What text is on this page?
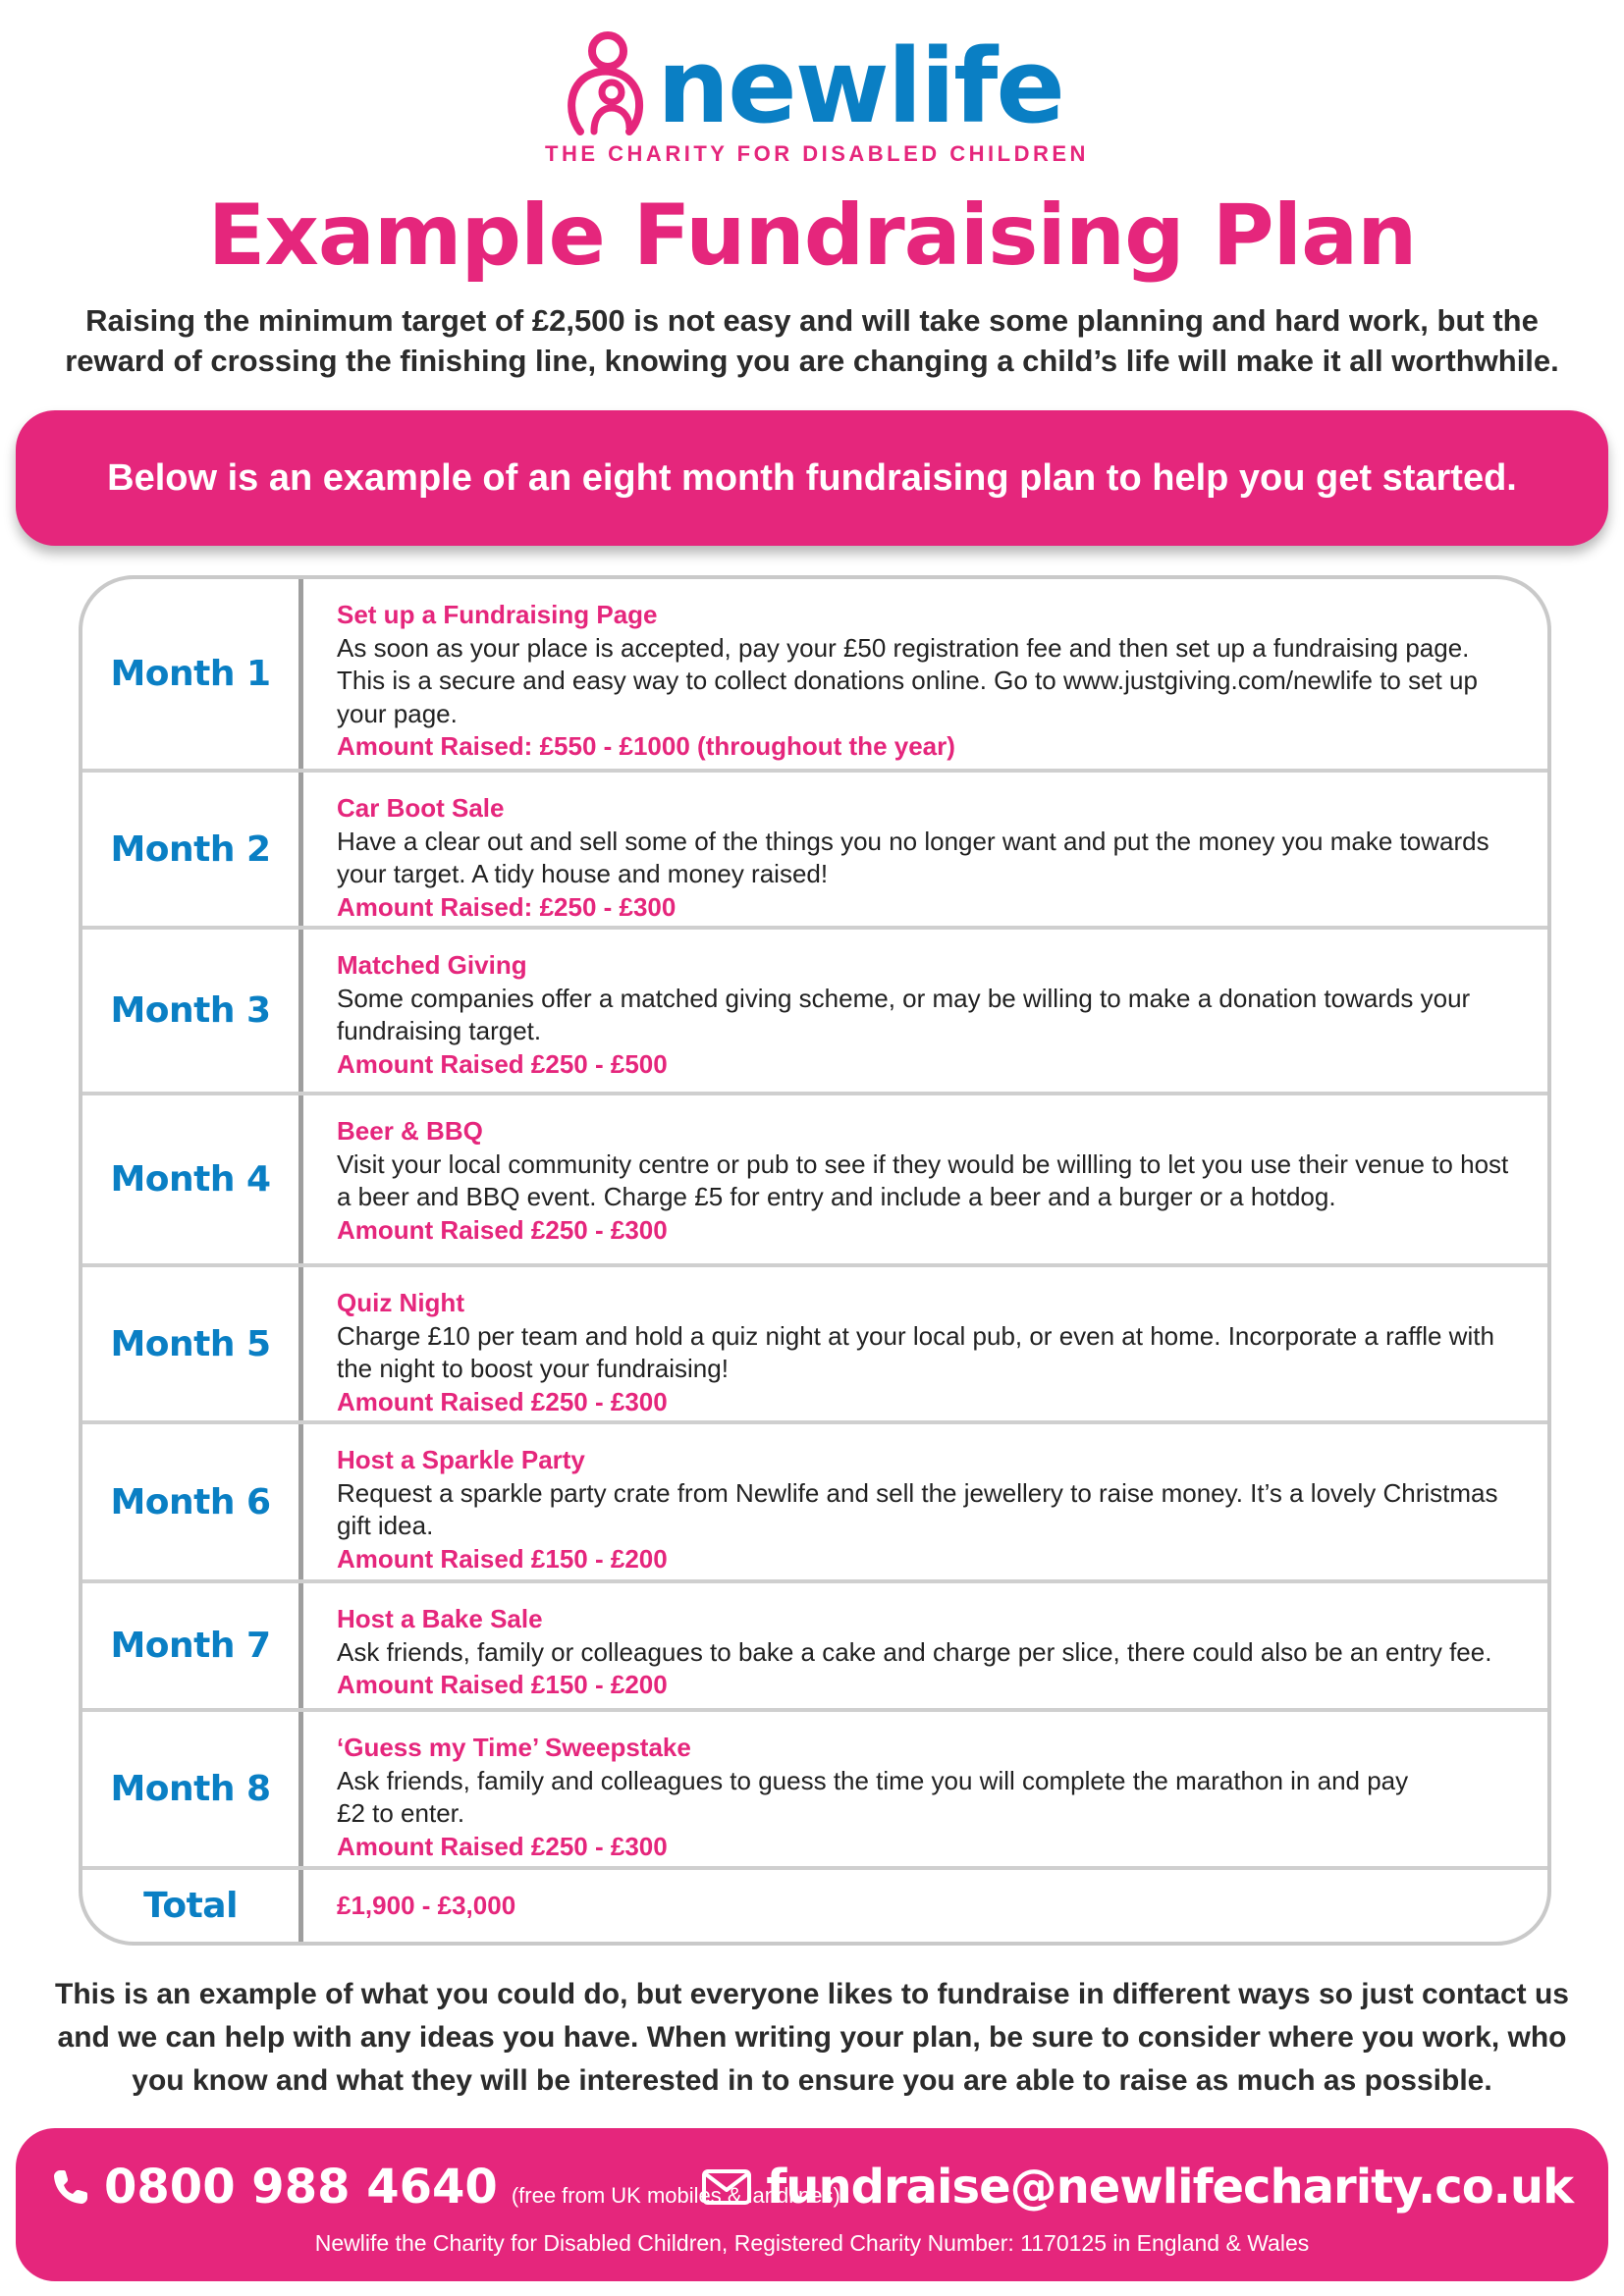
newlife
THE CHARITY FOR DISABLED CHILDREN
Example Fundraising Plan
Raising the minimum target of £2,500 is not easy and will take some planning and hard work, but the reward of crossing the finishing line, knowing you are changing a child’s life will make it all worthwhile.
Below is an example of an eight month fundraising plan to help you get started.
Month 1
Set up a Fundraising Page
As soon as your place is accepted, pay your £50 registration fee and then set up a fundraising page. This is a secure and easy way to collect donations online. Go to www.justgiving.com/newlife to set up your page.
Amount Raised: £550 - £1000 (throughout the year)
Month 2
Car Boot Sale
Have a clear out and sell some of the things you no longer want and put the money you make towards your target. A tidy house and money raised!
Amount Raised: £250 - £300
Month 3
Matched Giving
Some companies offer a matched giving scheme, or may be willing to make a donation towards your fundraising target.
Amount Raised £250 - £500
Month 4
Beer & BBQ
Visit your local community centre or pub to see if they would be willling to let you use their venue to host a beer and BBQ event. Charge £5 for entry and include a beer and a burger or a hotdog.
Amount Raised £250 - £300
Month 5
Quiz Night
Charge £10 per team and hold a quiz night at your local pub, or even at home. Incorporate a raffle with the night to boost your fundraising!
Amount Raised £250 - £300
Month 6
Host a Sparkle Party
Request a sparkle party crate from Newlife and sell the jewellery to raise money. It’s a lovely Christmas gift idea.
Amount Raised £150 - £200
Month 7
Host a Bake Sale
Ask friends, family or colleagues to bake a cake and charge per slice, there could also be an entry fee.
Amount Raised £150 - £200
Month 8
‘Guess my Time’ Sweepstake
Ask friends, family and colleagues to guess the time you will complete the marathon in and pay £2 to enter.
Amount Raised £250 - £300
Total	£1,900 - £3,000
This is an example of what you could do, but everyone likes to fundraise in different ways so just contact us and we can help with any ideas you have. When writing your plan, be sure to consider where you work, who you know and what they will be interested in to ensure you are able to raise as much as possible.
0800 988 4640 (free from UK mobiles & landlines)
fundraise@newlifecharity.co.uk
Newlife the Charity for Disabled Children, Registered Charity Number: 1170125 in England & Wales
